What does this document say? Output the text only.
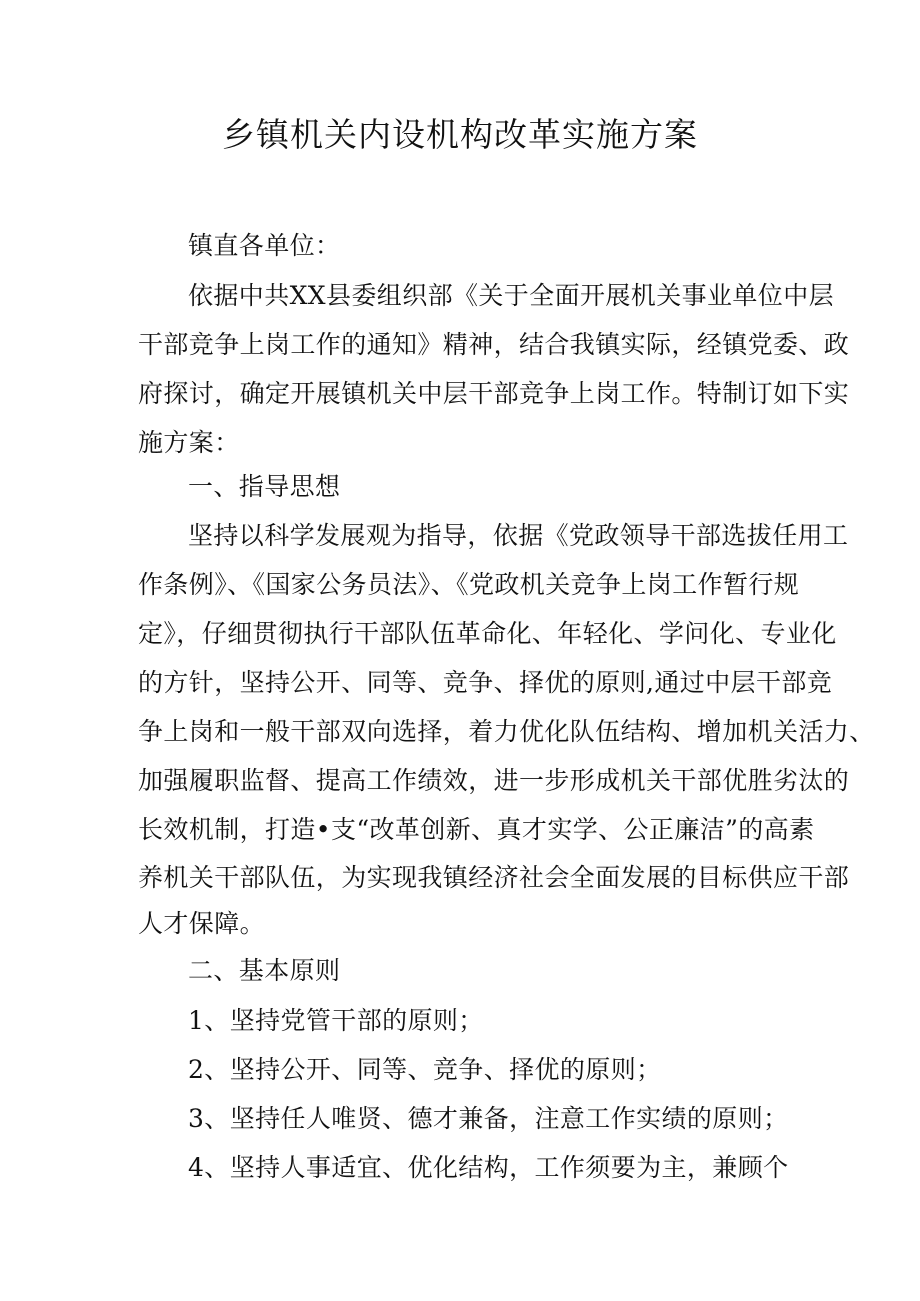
乡镇机关内设机构改革实施方案

镇直各单位：

依据中共XX县委组织部《关于全面开展机关事业单位中层

干部竞争上岗工作的通知》精神，结合我镇实际，经镇党委、政

府探讨，确定开展镇机关中层干部竞争上岗工作。特制订如下实

施方案：

一、指导思想

坚持以科学发展观为指导，依据《党政领导干部选拔任用工

作条例》、《国家公务员法》、《党政机关竞争上岗工作暂行规

定》，仔细贯彻执行干部队伍革命化、年轻化、学问化、专业化

的方针，坚持公开、同等、竞争、择优的原则,通过中层干部竞

争上岗和一般干部双向选择，着力优化队伍结构、增加机关活力、

加强履职监督、提高工作绩效，进一步形成机关干部优胜劣汰的

长效机制，打造•支“改革创新、真才实学、公正廉洁”的高素

养机关干部队伍，为实现我镇经济社会全面发展的目标供应干部

人才保障。

二、基本原则

1、坚持党管干部的原则；

2、坚持公开、同等、竞争、择优的原则；

3、坚持任人唯贤、德才兼备，注意工作实绩的原则；

4、坚持人事适宜、优化结构，工作须要为主，兼顾个
